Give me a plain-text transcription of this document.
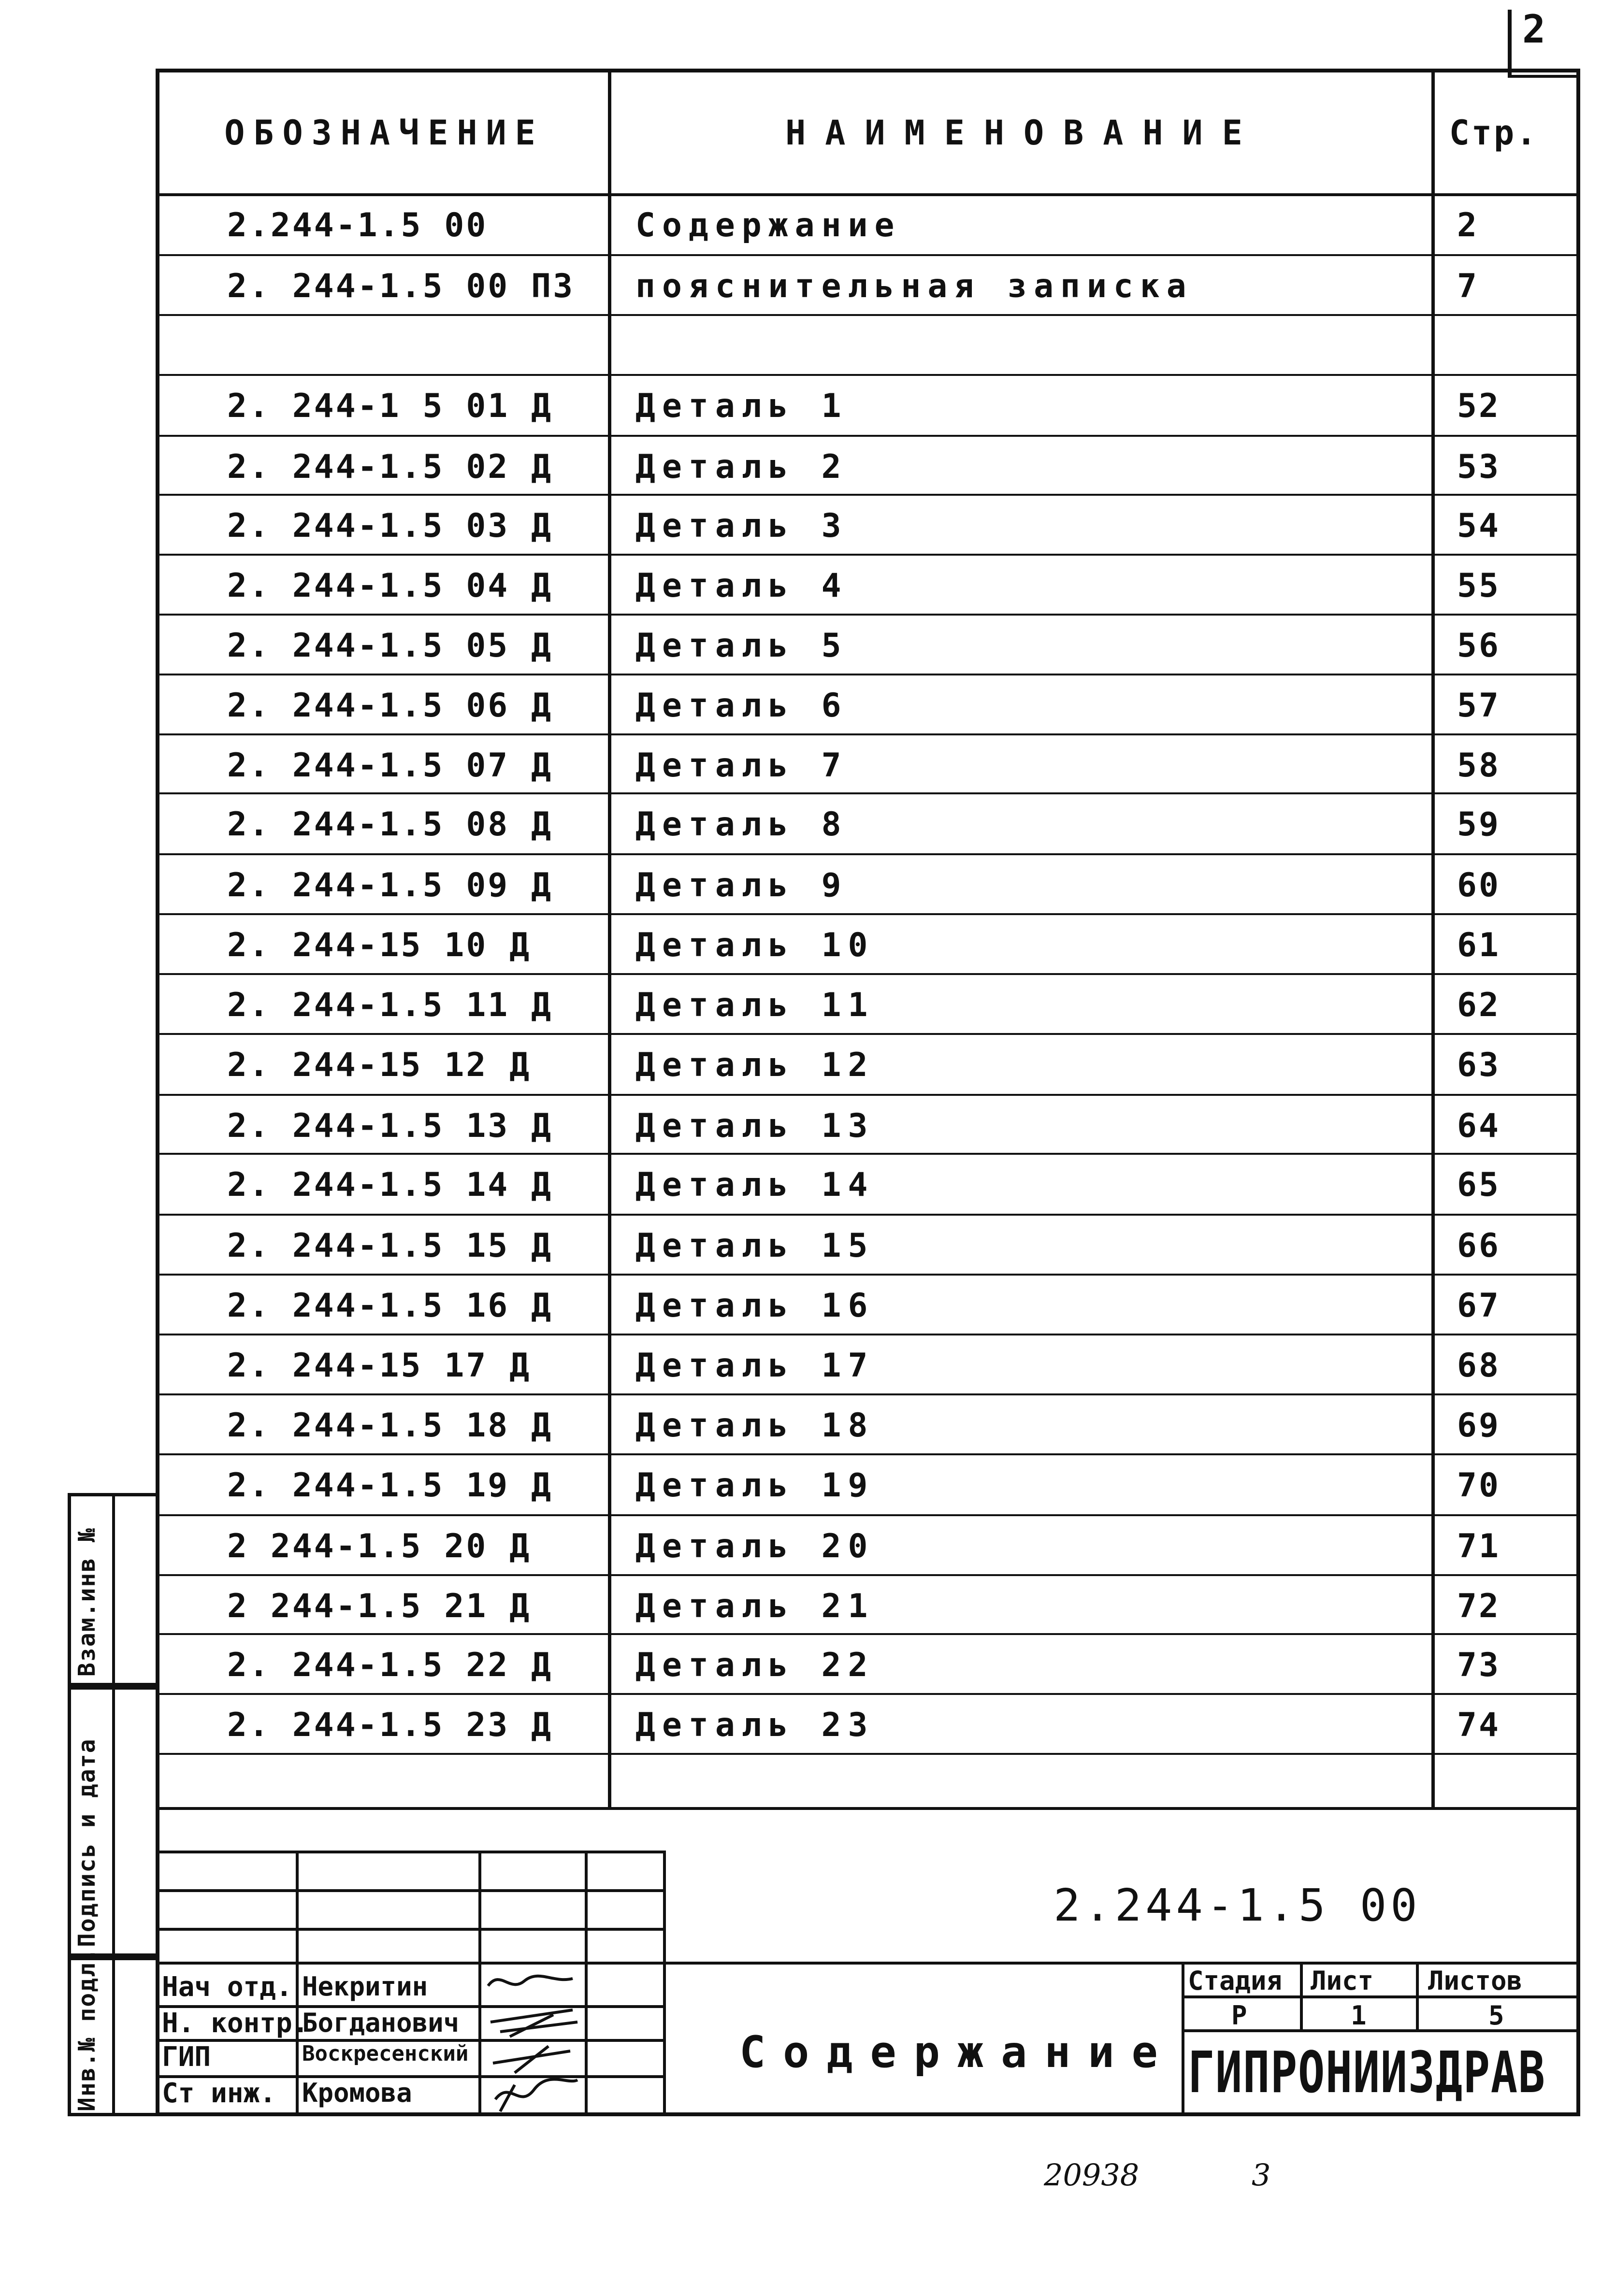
2
ОБОЗНАЧЕНИЕ	НАИМЕНОВАНИЕ	Стр.
2.244-1.5 00	Содержание	2
2. 244-1.5 00 ПЗ	пояснительная записка	7
2. 244-1 5 01 Д	Деталь 1	52
2. 244-1.5 02 Д	Деталь 2	53
2. 244-1.5 03 Д	Деталь 3	54
2. 244-1.5 04 Д	Деталь 4	55
2. 244-1.5 05 Д	Деталь 5	56
2. 244-1.5 06 Д	Деталь 6	57
2. 244-1.5 07 Д	Деталь 7	58
2. 244-1.5 08 Д	Деталь 8	59
2. 244-1.5 09 Д	Деталь 9	60
2. 244-15 10 Д	Деталь 10	61
2. 244-1.5 11 Д	Деталь 11	62
2. 244-15 12 Д	Деталь 12	63
2. 244-1.5 13 Д	Деталь 13	64
2. 244-1.5 14 Д	Деталь 14	65
2. 244-1.5 15 Д	Деталь 15	66
2. 244-1.5 16 Д	Деталь 16	67
2. 244-15 17 Д	Деталь 17	68
2. 244-1.5 18 Д	Деталь 18	69
2. 244-1.5 19 Д	Деталь 19	70
2 244-1.5 20 Д	Деталь 20	71
2 244-1.5 21 Д	Деталь 21	72
2. 244-1.5 22 Д	Деталь 22	73
2. 244-1.5 23 Д	Деталь 23	74
Взам.инв №
Подпись и дата
Инв.№ подл.
2.244-1.5 00
Содержание
Стадия Лист Листов
Р	1	5
ГИПРОНИИЗДРАВ
Нач отд. Некритин
Н. контр.
Богданович
ГИП	Воскресенский
Ст инж. Кромова
20938	3
